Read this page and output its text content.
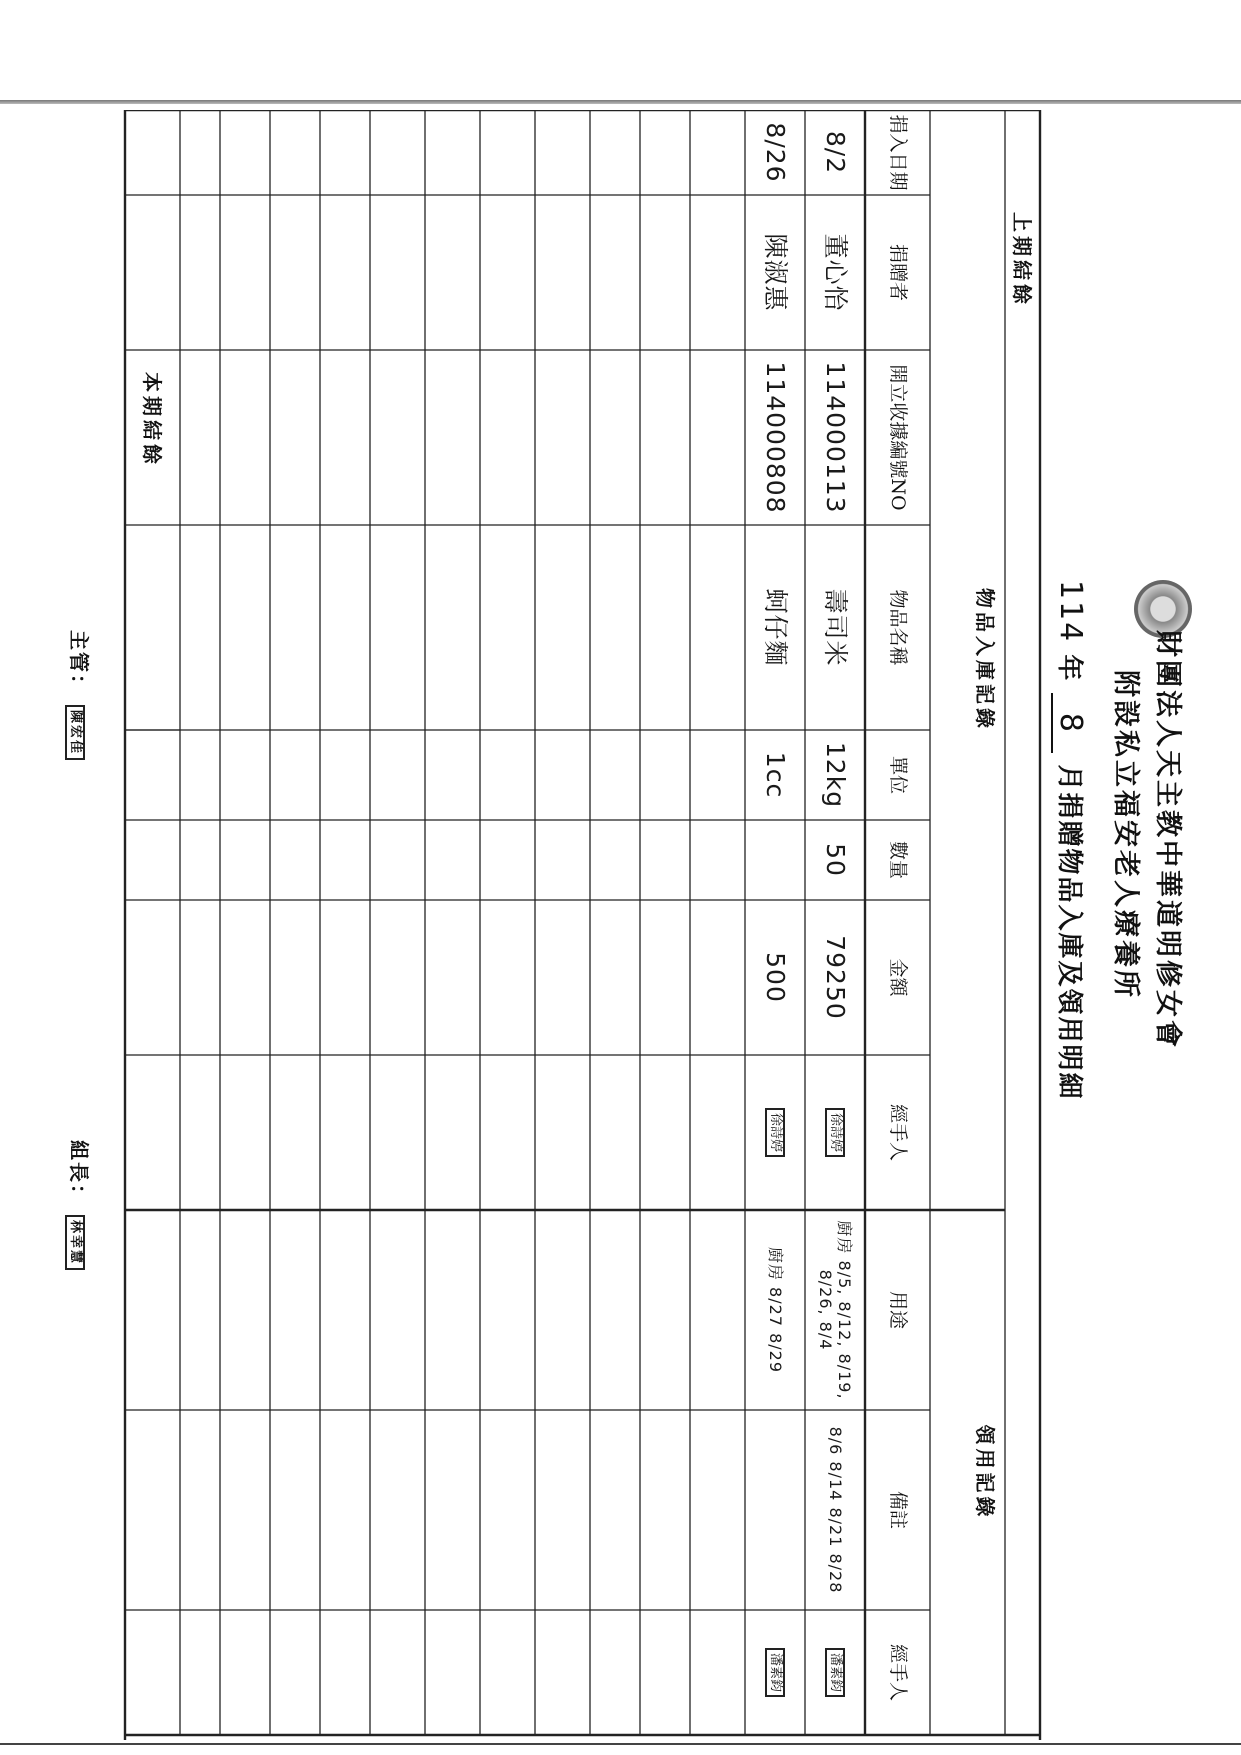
財團法人天主教中華道明修女會
附設私立福安老人療養所
114 年 8 月捐贈物品入庫及領用明細
上期結餘
物品入庫記錄
領用記錄
捐入日期
捐贈者
開立收據編號NO
物品名稱
單位
數量
金額
經手人
用途
備註
經手人
8/2
董心怡
114000113
壽司米
12kg
50
79250
徐詩婷
廚房 8/5, 8/12, 8/19, 8/26, 8/4
8/6 8/14 8/21 8/28
潘素鈞
8/26
陳淑惠
114000808
蚵仔麵
1cc
500
徐詩婷
廚房 8/27 8/29
潘素鈞
本期結餘
主管： 陳宏佳
組長： 林幸慧
